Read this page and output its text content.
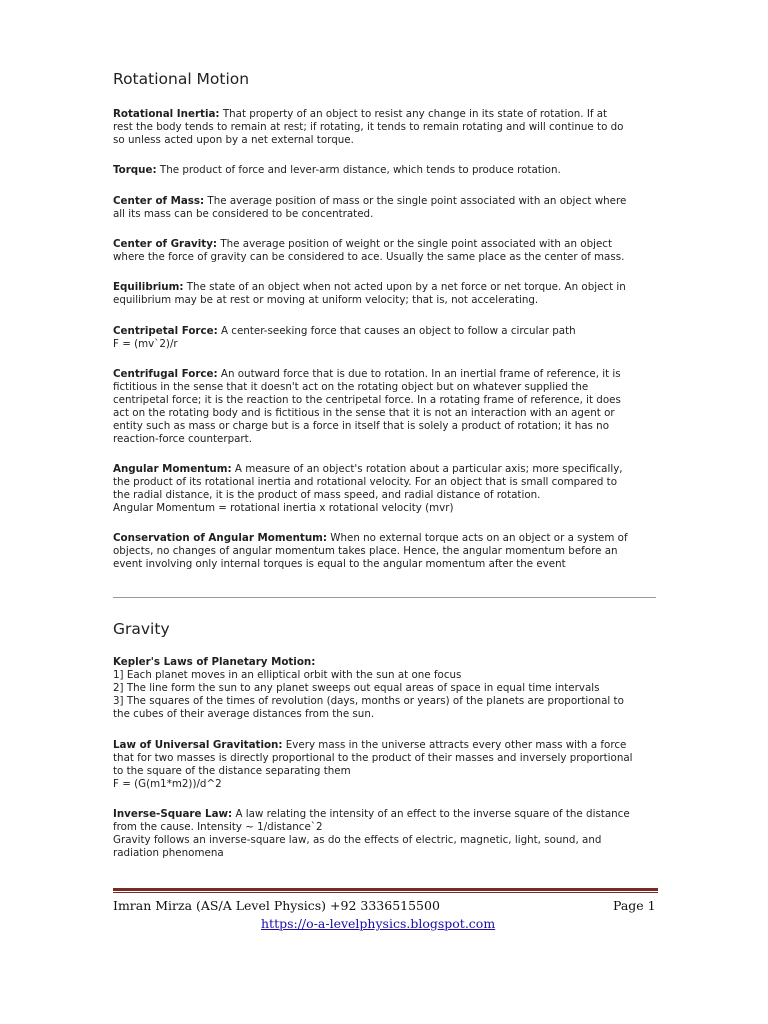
Rotational Motion
Rotational Inertia: That property of an object to resist any change in its state of rotation. If at
rest the body tends to remain at rest; if rotating, it tends to remain rotating and will continue to do
so unless acted upon by a net external torque.
Torque: The product of force and lever-arm distance, which tends to produce rotation.
Center of Mass: The average position of mass or the single point associated with an object where
all its mass can be considered to be concentrated.
Center of Gravity: The average position of weight or the single point associated with an object
where the force of gravity can be considered to ace. Usually the same place as the center of mass.
Equilibrium: The state of an object when not acted upon by a net force or net torque. An object in
equilibrium may be at rest or moving at uniform velocity; that is, not accelerating.
Centripetal Force: A center-seeking force that causes an object to follow a circular path
F = (mv`2)/r
Centrifugal Force: An outward force that is due to rotation. In an inertial frame of reference, it is
fictitious in the sense that it doesn't act on the rotating object but on whatever supplied the
centripetal force; it is the reaction to the centripetal force. In a rotating frame of reference, it does
act on the rotating body and is fictitious in the sense that it is not an interaction with an agent or
entity such as mass or charge but is a force in itself that is solely a product of rotation; it has no
reaction-force counterpart.
Angular Momentum: A measure of an object's rotation about a particular axis; more specifically,
the product of its rotational inertia and rotational velocity. For an object that is small compared to
the radial distance, it is the product of mass speed, and radial distance of rotation.
Angular Momentum = rotational inertia x rotational velocity (mvr)
Conservation of Angular Momentum: When no external torque acts on an object or a system of
objects, no changes of angular momentum takes place. Hence, the angular momentum before an
event involving only internal torques is equal to the angular momentum after the event
Gravity
Kepler's Laws of Planetary Motion:
1] Each planet moves in an elliptical orbit with the sun at one focus
2] The line form the sun to any planet sweeps out equal areas of space in equal time intervals
3] The squares of the times of revolution (days, months or years) of the planets are proportional to
the cubes of their average distances from the sun.
Law of Universal Gravitation: Every mass in the universe attracts every other mass with a force
that for two masses is directly proportional to the product of their masses and inversely proportional
to the square of the distance separating them
F = (G(m1*m2))/d^2
Inverse-Square Law: A law relating the intensity of an effect to the inverse square of the distance
from the cause. Intensity ~ 1/distance`2
Gravity follows an inverse-square law, as do the effects of electric, magnetic, light, sound, and
radiation phenomena
Imran Mirza (AS/A Level Physics) +92 3336515500	Page 1
https://o-a-levelphysics.blogspot.com
